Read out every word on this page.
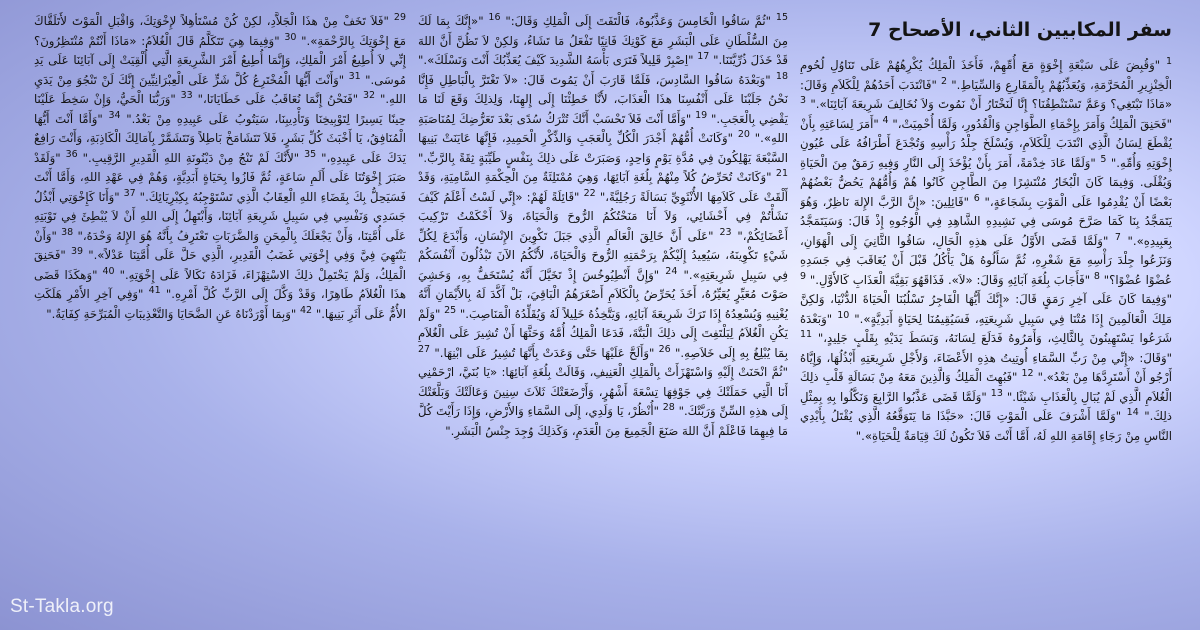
سفر المكابيين الثاني، الأصحاح 7
$^1$ "وَقُبِضَ عَلَى سَبْعَةِ إِخْوَةٍ مَعَ أُمِّهِمْ، فَأَخَذَ الْمَلِكُ يُكْرِهُهُمْ عَلَى تَنَاوُلِ لُحُومِ الْخِنْزِيرِ الْمُحَرَّمَةِ، وَيُعَذِّبُهُمْ بِالْمَقَارِعِ وَالسِّيَاطِ." $^2$ "فَانْتَدَبَ أَحَدُهُمْ لِلْكَلاَمِ وَقَالَ: «مَاذَا تَبْتَغِي؟ وَعَمَّ تَسْتَنْطِقُنَا؟ إِنَّا لَنَخْتَارُ أَنْ نَمُوتَ وَلاَ نُخَالِفَ شَرِيعَةَ آبَائِنَا»." $^3$ "فَحَنِقَ الْمَلِكُ وَأَمَرَ بِإِحْمَاءِ الطَّوَاجِنِ وَالْقُدُورِ، وَلَمَّا أُحْمِيَتْ،" $^4$ "أَمَرَ لِسَاعَتِهِ بِأَنْ يُقْطَعَ لِسَانُ الَّذِي انْتَدَبَ لِلْكَلاَمِ، وَيُسْلَخَ جِلْدُ رَأْسِهِ وَتُجْدَعَ أَطْرَافُهُ عَلَى عُيُونِ إِخْوَتِهِ وَأُمِّهِ." $^5$ "وَلَمَّا عَادَ خِدْمَةً، أَمَرَ بِأَنْ يُؤْخَذَ إِلَى النَّارِ وَفِيهِ رَمَقٌ مِنَ الْحَيَاةِ وَيُقْلَى. وَفِيمَا كَانَ الْبُخَارُ مُنْتَشِرًا مِنَ الطَّاجِنِ كَانُوا هُمْ وَأُمُّهُمْ يَحُضُّ بَعْضُهُمْ بَعْضًا أَنْ يُقْدِمُوا عَلَى الْمَوْتِ بِشَجَاعَةٍ،" $^6$ "قَائِلِينَ: «إِنَّ الرَّبَّ الإِلهَ نَاظِرٌ، وَهُوَ يَتَمَجَّدُ بِنَا كَمَا صَرَّحَ مُوسَى فِي نَشِيدِهِ الشَّاهِدِ فِي الْوُجُوهِ إِذْ قَالَ: وَسَيَتَمَجَّدُ بِعَبِيدِهِ»." $^7$ "وَلَمَّا قَضَى الأَوَّلُ عَلَى هذِهِ الْحَالِ، سَاقُوا الثَّانِيَ إِلَى الْهَوَانِ، وَنَزَعُوا جِلْدَ رَأْسِهِ مَعَ شَعْرِهِ، ثُمَّ سَأَلُوهُ هَلْ يَأْكُلُ قَبْلَ أَنْ يُعَاقَبَ فِي جَسَدِهِ عُضْوًا عُضْوًا؟" $^8$ "فَأَجَابَ بِلُغَةِ آبَائِهِ وَقَالَ: «لاَ». فَذَاقَهُوَ بَقِيَّةَ الْعَذَابِ كَالأَوَّلِ." $^9$ "وَفِيمَا كَانَ عَلَى آخِرِ رَمَقٍ قَالَ: «إِنَّكَ أَيُّهَا الْفَاجِرُ تَسْلُبُنَا الْحَيَاةَ الدُّنْيَا، وَلكِنَّ مَلِكَ الْعَالَمِينَ إِذَا مُتْنَا فِي سَبِيلِ شَرِيعَتِهِ، فَسَيُقِيمُنَا لِحَيَاةٍ أَبَدِيَّةٍ»." $^{10}$ "وَبَعْدَهُ شَرَعُوا يَسْتَهِينُونَ بِالثَّالِثِ، وَأَمَرُوهُ فَدَلَعَ لِسَانَهُ، وَبَسَطَ يَدَيْهِ بِقَلْبٍ جَلِيدٍ،" $^{11}$ "وَقَالَ: «إِنِّي مِنْ رَبِّ السَّمَاءِ أُوتِيتُ هذِهِ الأَعْضَاءَ، وَلأَجْلِ شَرِيعَتِهِ أَبْذُلُهَا، وَإِيَّاهُ أَرْجُو أَنْ أَسْتَرِدَّهَا مِنْ بَعْدُ»." $^{12}$ "فَبُهِتَ الْمَلِكُ وَالَّذِينَ مَعَهُ مِنْ بَسَالَةِ قَلْبِ ذلِكَ الْغُلاَمِ الَّذِي لَمْ يُبَالِ بِالْعَذَابِ شَيْئًا." $^{13}$ "وَلَمَّا قَضَى عَذَّبُوا الرَّابِعَ وَنَكَّلُوا بِهِ بِمِثْلِ ذلِكَ." $^{14}$ "وَلَمَّا أَشْرَفَ عَلَى الْمَوْتِ قَالَ: «حَبَّذَا مَا يَتَوَقَّعُهُ الَّذِي يُقْتَلُ بِأَيْدِي النَّاسِ مِنْ رَجَاءِ إِقَامَةِ اللهِ لَهُ، أَمَّا أَنْتَ فَلاَ تَكُونُ لَكَ قِيَامَةٌ لِلْحَيَاةِ»."
$^{15}$ "ثُمَّ سَاقُوا الْخَامِسَ وَعَذَّبُوهُ، فَالْتَفَتَ إِلَى الْمَلِكِ وَقَالَ:" $^{16}$ "«إِنَّكَ بِمَا لَكَ مِنَ السُّلْطَانِ عَلَى الْبَشَرِ مَعَ كَوْنِكَ فَانِيًا تَفْعَلُ مَا تَشَاءُ، وَلكِنْ لاَ تَظُنَّ أَنَّ اللهَ قَدْ خَذَلَ ذُرِّيَّتَنَا." $^{17}$ "اِصْبِرْ قَلِيلاً فَتَرَى بَأْسَهُ الشَّدِيدَ كَيْفَ يُعَذِّبُكَ أَنْتَ وَنَسْلَكَ»." $^{18}$ "وَبَعْدَهُ سَاقُوا السَّادِسَ، فَلَمَّا قَارَبَ أَنْ يَمُوتَ قَالَ: «لاَ تَغْتَرَّ بِالْبَاطِلِ فَإِنَّا نَحْنُ جَلَبْنَا عَلَى أَنْفُسِنَا هذَا الْعَذَابَ، لأَنَّا خَطِئْنَا إِلَى إِلهِنَا، وَلِذلِكَ وَقَعَ لَنَا مَا يَقْضِي بِالْعَجَبِ." $^{19}$ "وَأَمَّا أَنْتَ فَلاَ تَحْسَبْ أَنَّكَ تُتْرَكُ سُدًى بَعْدَ تَعَرُّضِكَ لِمُنَاصَبَةِ اللهِ»." $^{20}$ "وَكَانَتْ أُمُّهُمْ أَجْدَرَ الْكُلِّ بِالْعَجَبِ وَالذِّكْرِ الْحَمِيدِ، فَإِنَّهَا عَايَنَتْ بَنِيهَا السَّبْعَةَ يَهْلِكُونَ فِي مُدَّةِ يَوْمٍ وَاحِدٍ، وَصَبَرَتْ عَلَى ذلِكَ بِنَفْسٍ طَيِّبَةٍ ثِقَةً بِالرَّبِّ." $^{21}$ "وَكَانَتْ تُحَرِّضُ كُلاً مِنْهُمْ بِلُغَةِ آبَائِهَا، وَهِيَ مُمْتَلِئَةٌ مِنَ الْحِكْمَةِ السَّامِيَةِ، وَقَدْ أَلْقَتْ عَلَى كَلاَمِهَا الأُنْثَوِيِّ بَسَالَةً رَجُلِيَّةً،" $^{22}$ "قَائِلَةً لَهُمْ: «إِنِّي لَسْتُ أَعْلَمُ كَيْفَ نَشَأْتُمْ فِي أَحْشَائِي، وَلاَ أَنَا مَنَحْتُكُمُ الرُّوحَ وَالْحَيَاةَ، وَلاَ أَحْكَمْتُ تَرْكِيبَ أَعْضَائِكُمْ،" $^{23}$ "عَلَى أَنَّ خَالِقَ الْعَالَمِ الَّذِي جَبَلَ تَكْوِينَ الإِنْسَانِ، وَأَبْدَعَ لِكُلِّ شَيْءٍ تَكْوِينَهُ، سَيُعِيدُ إِلَيْكُمْ بِرَحْمَتِهِ الرُّوحَ وَالْحَيَاةَ، لأَنَّكُمُ الآنَ تَبْذُلُونَ أَنْفُسَكُمْ فِي سَبِيلِ شَرِيعَتِهِ»." $^{24}$ "وَإِنَّ أَنْطِيُوخُسَ إِذْ تَخَيَّلَ أَنَّهُ يُسْتَخَفُّ بِهِ، وَخَشِيَ صَوْتَ مُعَيِّرٍ يُعَيِّرُهُ، أَخَذَ يُحَرِّضُ بِالْكَلاَمِ أَصْغَرَهُمُ الْبَاقِيَ، بَلْ أَكَّدَ لَهُ بِالأَيْمَانِ أَنَّهُ يُغْنِيهِ وَيُسْعِدُهُ إِذَا تَرَكَ شَرِيعَةَ آبَائِهِ، وَيَتَّخِذُهُ خَلِيلاً لَهُ وَيُقَلِّدُهُ الْمَنَاصِبَ." $^{25}$ "وَلَمْ يَكُنِ الْغُلاَمُ لِيَلْتَفِتَ إِلَى ذلِكَ الْبَتَّةَ، فَدَعَا الْمَلِكُ أُمَّهُ وَحَثَّهَا أَنْ تُشِيرَ عَلَى الْغُلاَمِ بِمَا يُبْلِغُ بِهِ إِلَى خَلاَصِهِ." $^{26}$ "وَأَلَحَّ عَلَيْهَا حَتَّى وَعَدَتْ بِأَنَّهَا تُشِيرُ عَلَى ابْنِهَا." $^{27}$ "ثُمَّ انْحَنَتْ إِلَيْهِ وَاسْتَهْزَأَتْ بِالْمَلِكِ الْعَنِيفِ، وَقَالَتْ بِلُغَةِ آبَائِهَا: «يَا بُنَيَّ، ارْحَمْنِي أَنَا الَّتِي حَمَلَتْكَ فِي جَوْفِهَا تِسْعَةَ أَشْهُرٍ، وَأَرْضَعَتْكَ ثَلاَثَ سِنِينَ وَعَالَتْكَ وَبَلَّغَتْكَ إِلَى هذِهِ السِّنِّ وَرَبَّتْكَ." $^{28}$ "أُنْظُرْ، يَا وَلَدِي، إِلَى السَّمَاءِ وَالأَرْضِ، وَإِذَا رَأَيْتَ كُلَّ مَا فِيهِمَا فَاعْلَمْ أَنَّ اللهَ صَنَعَ الْجَمِيعَ مِنَ الْعَدَمِ، وَكَذلِكَ وُجِدَ جِنْسُ الْبَشَرِ."
$^{29}$ "فَلاَ تَخَفْ مِنْ هذَا الْجَلاَّدِ، لكِنْ كُنْ مُسْتَأْهِلاً لإِخْوَتِكَ، وَاقْبَلِ الْمَوْتَ لأَتَلَقَّاكَ مَعَ إِخْوَتِكَ بِالرَّحْمَةِ»." $^{30}$ "وَفِيمَا هِيَ تَتَكَلَّمُ قَالَ الْغُلاَمُ: «مَاذَا أَنْتُمْ مُنْتَظِرُونَ؟ إِنِّي لاَ أُطِيعُ أَمْرَ الْمَلِكِ، وَإِنَّمَا أُطِيعُ أَمْرَ الشَّرِيعَةِ الَّتِي أُلْقِيَتْ إِلَى آبَائِنَا عَلَى يَدِ مُوسَى." $^{31}$ "وَأَنْتَ أَيُّهَا الْمُخْتَرِعُ كُلَّ شَرٍّ عَلَى الْعِبْرَانِيِّينَ إِنَّكَ لَنْ تَنْجُوَ مِنْ يَدَيِ اللهِ." $^{32}$ "فَنَحْنُ إِنَّمَا نُعَاقَبُ عَلَى خَطَايَانَا،" $^{33}$ "وَرَبُّنَا الْحَيُّ، وَإِنْ سَخِطَ عَلَيْنَا حِينًا يَسِيرًا لِتَوْبِيخِنَا وَتَأْدِيبِنَا، سَيَتُوبُ عَلَى عَبِيدِهِ مِنْ بَعْدُ." $^{34}$ "وَأَمَّا أَنْتَ أَيُّهَا الْمُنَافِقُ، يَا أَخْبَثَ كُلِّ بَشَرٍ، فَلاَ تَتَشَامَخْ بَاطِلاً وَتَتَشَمَّرْ بِآمَالِكَ الْكَاذِبَةِ، وَأَنْتَ رَافِعٌ يَدَكَ عَلَى عَبِيدِهِ،" $^{35}$ "لأَنَّكَ لَمْ تَنْجُ مِنْ دَيْنُونَةِ اللهِ الْقَدِيرِ الرَّقِيبِ." $^{36}$ "وَلَقَدْ صَبَرَ إِخْوَتُنَا عَلَى أَلَمِ سَاعَةٍ، ثُمَّ فَازُوا بِحَيَاةٍ أَبَدِيَّةٍ، وَهُمْ فِي عَهْدِ اللهِ، وَأَمَّا أَنْتَ فَسَيَحِلُّ بِكَ بِقَضَاءِ اللهِ الْعِقَابُ الَّذِي تَسْتَوْجِبُهُ بِكِبْرِيَائِكَ." $^{37}$ "وَأَنَا كَإِخْوَتِي أَبْذُلُ جَسَدِي وَنَفْسِي فِي سَبِيلِ شَرِيعَةِ آبَائِنَا، وَأَبْتَهِلُ إِلَى اللهِ أَنْ لاَ يُبْطِئَ فِي تَوْبَتِهِ عَلَى أُمَّتِنَا، وَأَنْ يَجْعَلَكَ بِالْمِحَنِ وَالضَّرَبَاتِ تَعْتَرِفُ بِأَنَّهُ هُوَ الإِلهُ وَحْدَهُ،" $^{38}$ "وَأَنْ يَنْتَهِيَ فِيَّ وَفِي إِخْوَتِي غَضَبُ الْقَدِيرِ، الَّذِي حَلَّ عَلَى أُمَّتِنَا عَدْلاً»." $^{39}$ "فَحَنِقَ الْمَلِكُ، وَلَمْ يَحْتَمِلْ ذلِكَ الاسْتِهْزَاءَ، فَزَادَهُ نَكَالاً عَلَى إِخْوَتِهِ." $^{40}$ "وَهكَذَا قَضَى هذَا الْغُلاَمُ طَاهِرًا، وَقَدْ وَكَّلَ إِلَى الرَّبِّ كُلَّ أَمْرِهِ." $^{41}$ "وَفِي آخِرِ الأَمْرِ هَلَكَتِ الأُمُّ عَلَى أَثَرِ بَنِيهَا." $^{42}$ "وَبِمَا أَوْرَدْنَاهُ عَنِ الضَّحَايَا وَالتَّعْذِيبَاتِ الْمُبَرِّحَةِ كِفَايَةٌ."
St-Takla.org
